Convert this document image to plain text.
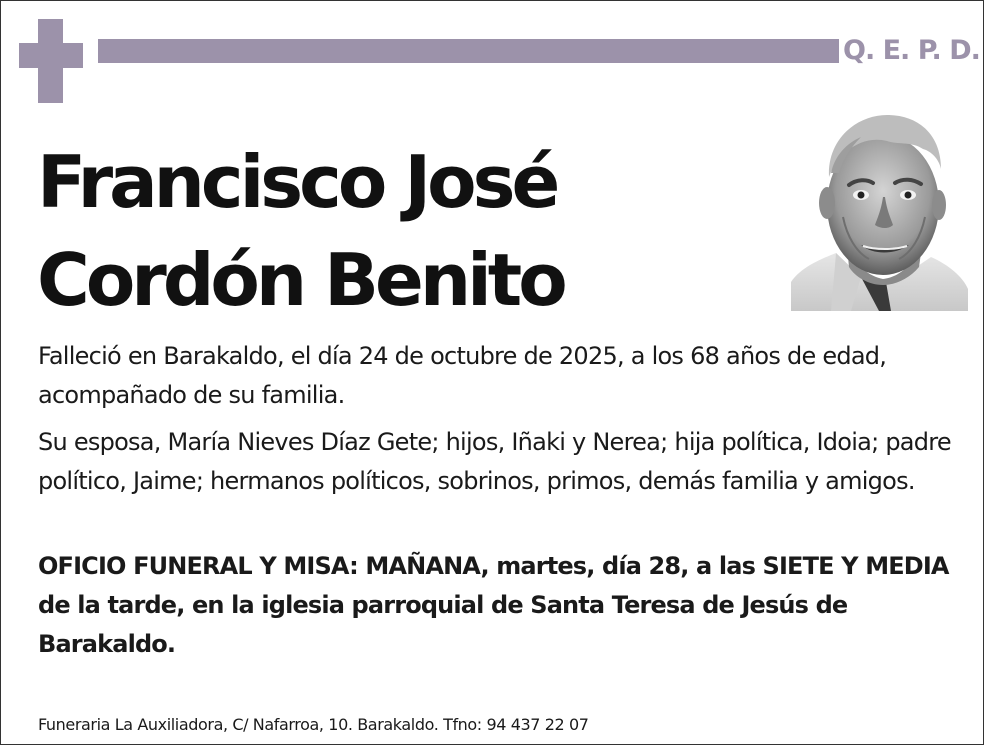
Q. E. P. D.
Francisco José
Cordón Benito
Falleció en Barakaldo, el día 24 de octubre de 2025, a los 68 años de edad, acompañado de su familia.
Su esposa, María Nieves Díaz Gete; hijos, Iñaki y Nerea; hija política, Idoia; padre político, Jaime; hermanos políticos, sobrinos, primos, demás familia y amigos.
OFICIO FUNERAL Y MISA: MAÑANA, martes, día 28, a las SIETE Y MEDIA de la tarde, en la iglesia parroquial de Santa Teresa de Jesús de Barakaldo.
Funeraria La Auxiliadora, C/ Nafarroa, 10. Barakaldo. Tfno: 94 437 22 07
